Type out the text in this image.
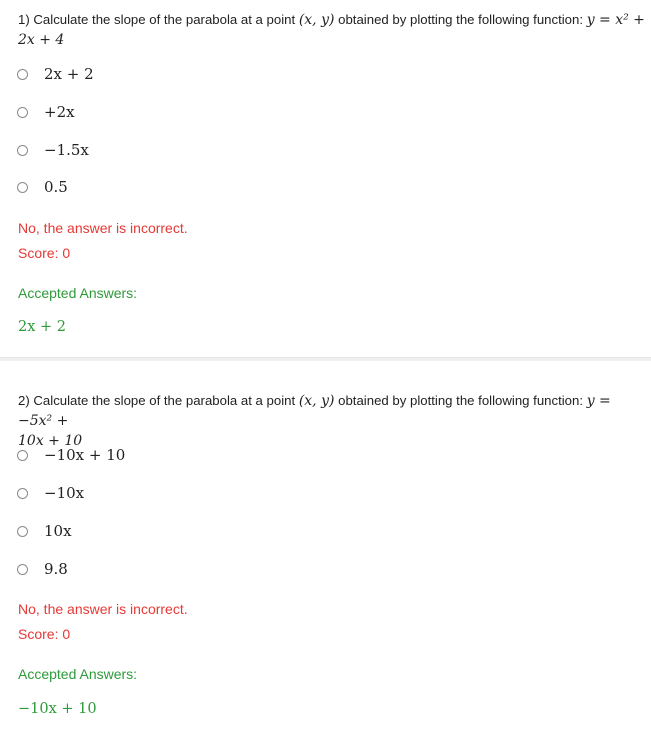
1) Calculate the slope of the parabola at a point (x, y) obtained by plotting the following function: y = x² +
2x + 4
2x + 2
+2x
−1.5x
0.5
No, the answer is incorrect.
Score: 0
Accepted Answers:
2x + 2
2) Calculate the slope of the parabola at a point (x, y) obtained by plotting the following function: y = −5x² +
10x + 10
−10x + 10
−10x
10x
9.8
No, the answer is incorrect.
Score: 0
Accepted Answers:
−10x + 10
